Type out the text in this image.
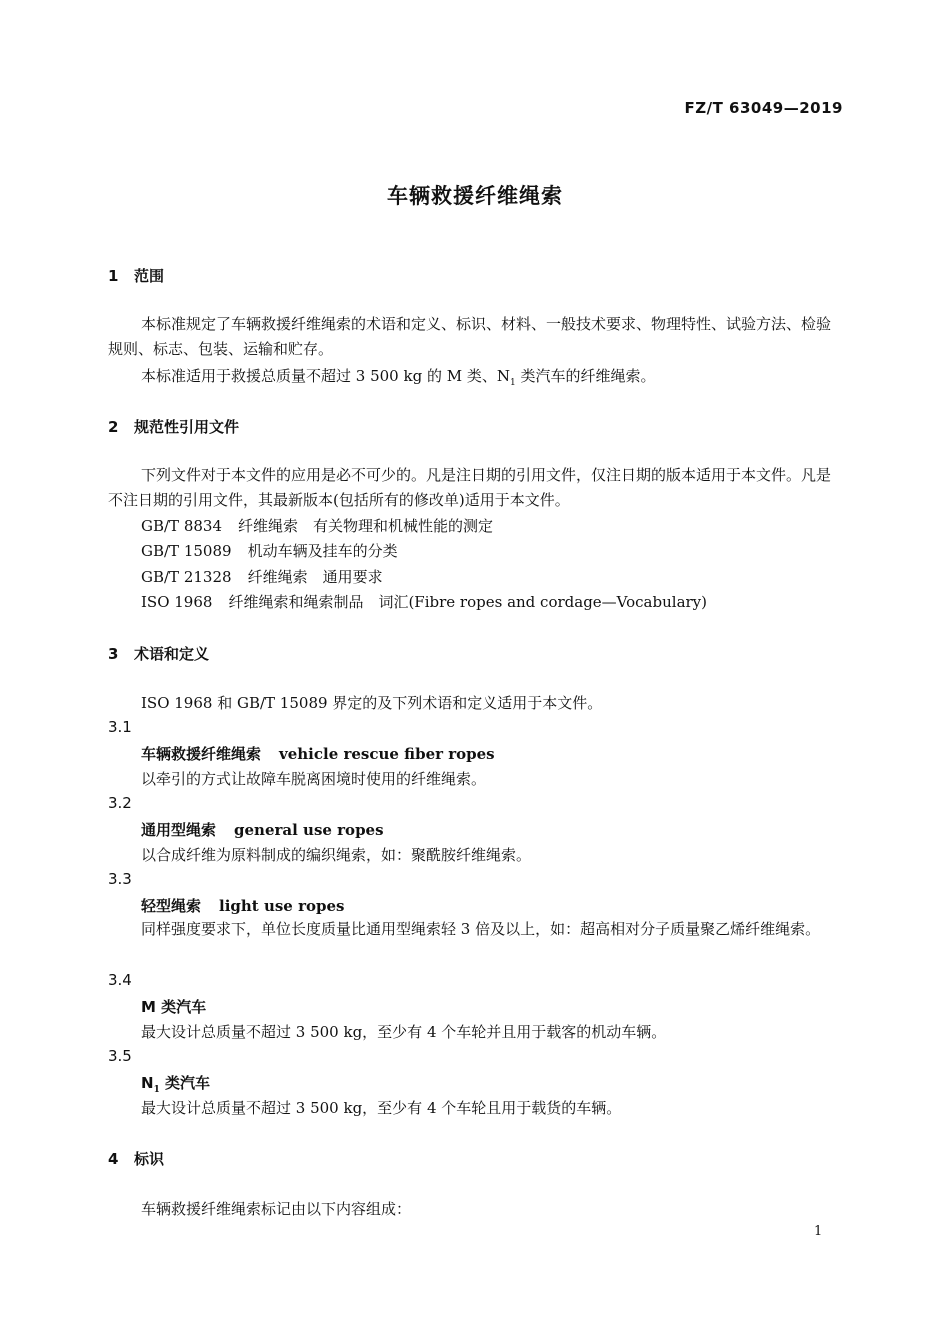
FZ/T 63049—2019
车辆救援纤维绳索
1 范围
本标准规定了车辆救援纤维绳索的术语和定义、标识、材料、一般技术要求、物理特性、试验方法、检验规则、标志、包装、运输和贮存。
本标准适用于救援总质量不超过 3 500 kg 的 M 类、$N_1$ 类汽车的纤维绳索。
2 规范性引用文件
下列文件对于本文件的应用是必不可少的。凡是注日期的引用文件，仅注日期的版本适用于本文件。凡是不注日期的引用文件，其最新版本(包括所有的修改单)适用于本文件。
GB/T 8834 纤维绳索　有关物理和机械性能的测定
GB/T 15089 机动车辆及挂车的分类
GB/T 21328 纤维绳索　通用要求
ISO 1968 纤维绳索和绳索制品　词汇(Fibre ropes and cordage—Vocabulary)
3 术语和定义
ISO 1968 和 GB/T 15089 界定的及下列术语和定义适用于本文件。
3.1
车辆救援纤维绳索 vehicle rescue fiber ropes
以牵引的方式让故障车脱离困境时使用的纤维绳索。
3.2
通用型绳索 general use ropes
以合成纤维为原料制成的编织绳索，如：聚酰胺纤维绳索。
3.3
轻型绳索 light use ropes
同样强度要求下，单位长度质量比通用型绳索轻 3 倍及以上，如：超高相对分子质量聚乙烯纤维绳索。
3.4
M 类汽车
最大设计总质量不超过 3 500 kg，至少有 4 个车轮并且用于载客的机动车辆。
3.5
$N_1$ 类汽车
最大设计总质量不超过 3 500 kg，至少有 4 个车轮且用于载货的车辆。
4 标识
车辆救援纤维绳索标记由以下内容组成：
1
